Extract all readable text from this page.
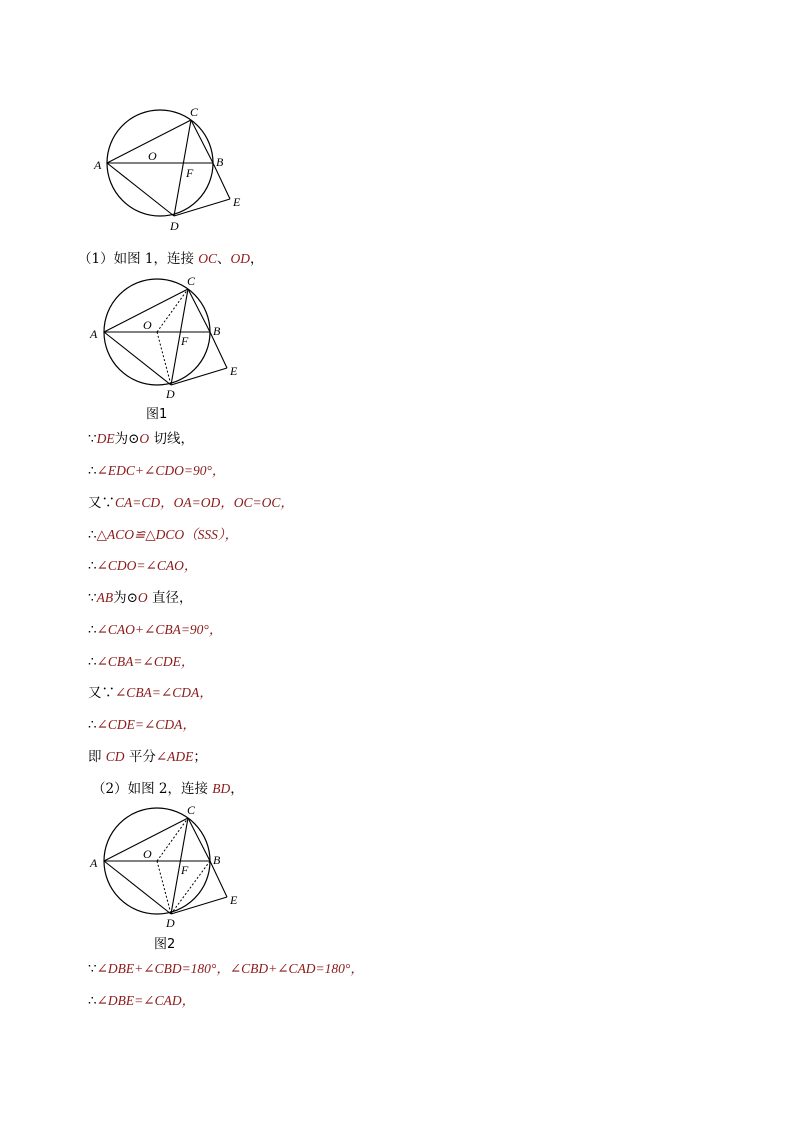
A
C
O	B
F
E
D
（1）如图 1，连接 OC、OD，
A
C
O	B
F
E
D
图1
∵DE为⊙O 切线，
∴∠EDC+∠CDO=90°，
又∵CA=CD，OA=OD，OC=OC，
∴△ACO≌△DCO（SSS），
∴∠CDO=∠CAO，
∵AB为⊙O 直径，
∴∠CAO+∠CBA=90°，
∴∠CBA=∠CDE，
又∵∠CBA=∠CDA，
∴∠CDE=∠CDA，
即 CD 平分∠ADE；
（2）如图 2，连接 BD，
A
C
O	B
F
E
D
图2
∵∠DBE+∠CBD=180°，∠CBD+∠CAD=180°，
∴∠DBE=∠CAD，
